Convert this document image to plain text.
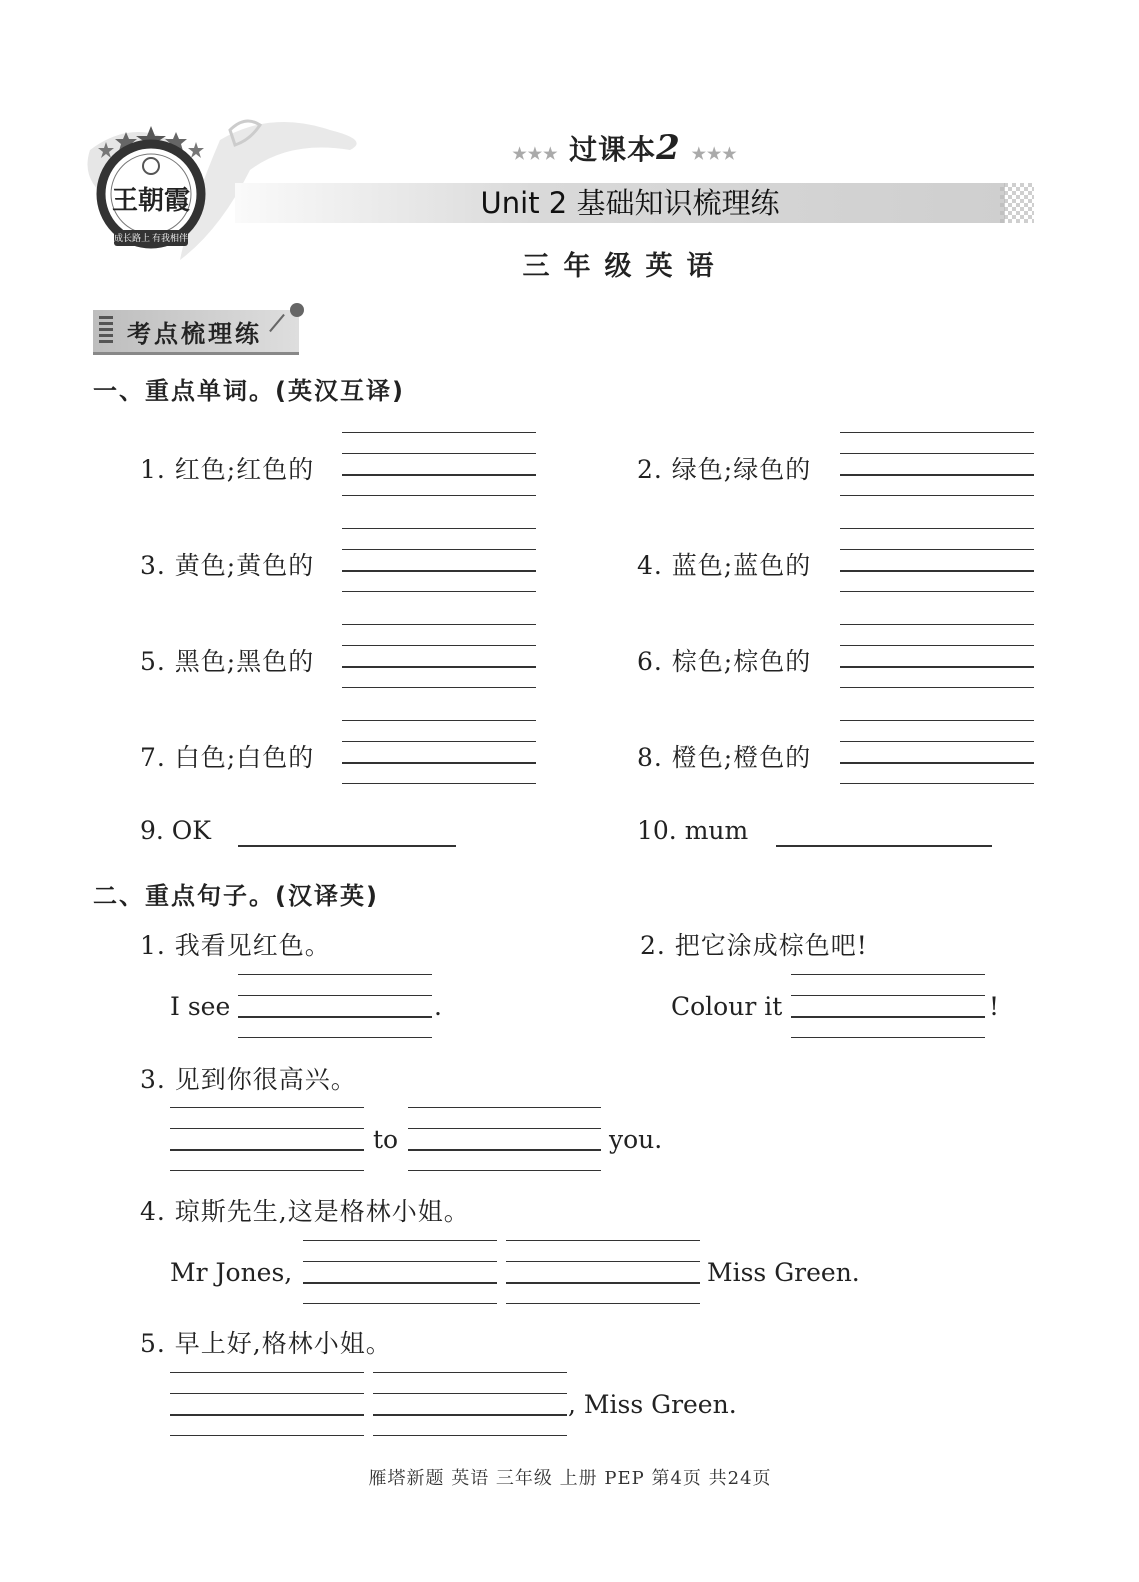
王朝霞
成长路上 有我相伴
★★★ 过课本2 ★★★
Unit 2 基础知识梳理练
三年级英语
考点梳理练
一、重点单词。(英汉互译)
1. 红色;红色的	2. 绿色;绿色的
3. 黄色;黄色的	4. 蓝色;蓝色的
5. 黑色;黑色的	6. 棕色;棕色的
7. 白色;白色的	8. 橙色;橙色的
9. OK	10. mum
二、重点句子。(汉译英)
1. 我看见红色。
I see	.
2. 把它涂成棕色吧!
Colour it	!
3. 见到你很高兴。
to	you.
4. 琼斯先生,这是格林小姐。
Mr Jones,	Miss Green.
5. 早上好,格林小姐。
, Miss Green.
雁塔新题 英语 三年级 上册 PEP 第4页 共24页
